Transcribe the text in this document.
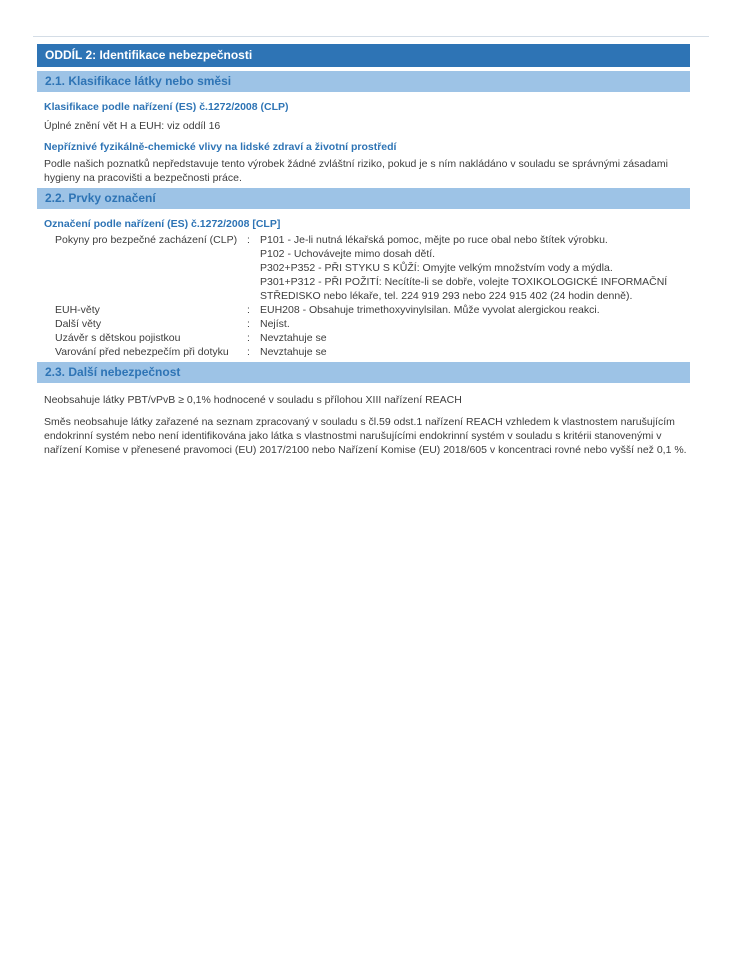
ODDÍL 2: Identifikace nebezpečnosti
2.1. Klasifikace látky nebo směsi
Klasifikace podle nařízení (ES) č.1272/2008 (CLP)
Úplné znění vět H a EUH: viz oddíl 16
Nepříznivé fyzikálně-chemické vlivy na lidské zdraví a životní prostředí
Podle našich poznatků nepředstavuje tento výrobek žádné zvláštní riziko, pokud je s ním nakládáno v souladu se správnými zásadami hygieny na pracovišti a bezpečnosti práce.
2.2. Prvky označení
Označení podle nařízení (ES) č.1272/2008 [CLP]
Pokyny pro bezpečné zacházení (CLP) : P101 - Je-li nutná lékařská pomoc, mějte po ruce obal nebo štítek výrobku.
P102 - Uchovávejte mimo dosah dětí.
P302+P352 - PŘI STYKU S KŮŽÍ: Omyjte velkým množstvím vody a mýdla.
P301+P312 - PŘI POŽITÍ: Necítíte-li se dobře, volejte TOXIKOLOGICKÉ INFORMAČNÍ STŘEDISKO nebo lékaře, tel. 224 919 293 nebo 224 915 402 (24 hodin denně).
EUH-věty	: EUH208 - Obsahuje trimethoxyvinylsilan. Může vyvolat alergickou reakci.
Další věty	: Nejíst.
Uzávěr s dětskou pojistkou	: Nevztahuje se
Varování před nebezpečím při dotyku	: Nevztahuje se
2.3. Další nebezpečnost
Neobsahuje látky PBT/vPvB ≥ 0,1% hodnocené v souladu s přílohou XIII nařízení REACH
Směs neobsahuje látky zařazené na seznam zpracovaný v souladu s čl.59 odst.1 nařízení REACH vzhledem k vlastnostem narušujícím endokrinní systém nebo není identifikována jako látka s vlastnostmi narušujícími endokrinní systém v souladu s kritérii stanovenými v nařízení Komise v přenesené pravomoci (EU) 2017/2100 nebo Nařízení Komise (EU) 2018/605 v koncentraci rovné nebo vyšší než 0,1 %.
